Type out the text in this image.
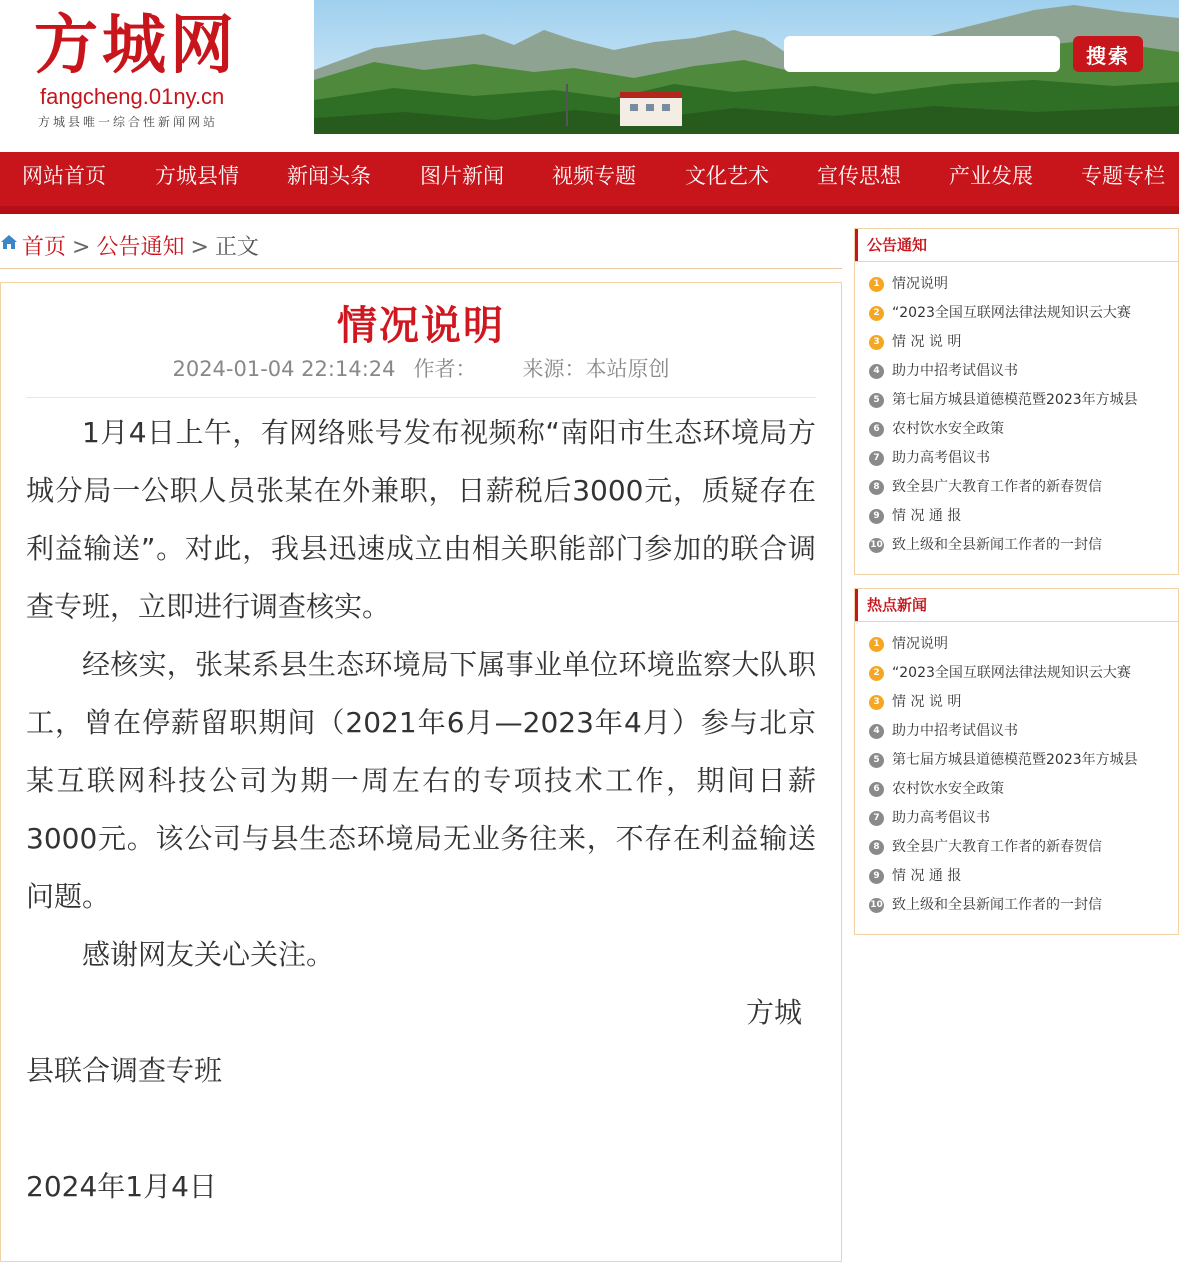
方城网
fangcheng.01ny.cn
方城县唯一综合性新闻网站
搜索
网站首页 方城县情 新闻头条 图片新闻 视频专题 文化艺术 宣传思想 产业发展 专题专栏
首页 > 公告通知 > 正文
情况说明
2024-01-04 22:14:24 作者： 来源：本站原创

1月4日上午，有网络账号发布视频称“南阳市生态环境局方城分局一公职人员张某在外兼职，日薪税后3000元，质疑存在利益输送”。对此，我县迅速成立由相关职能部门参加的联合调查专班，立即进行调查核实。

经核实，张某系县生态环境局下属事业单位环境监察大队职工，曾在停薪留职期间（2021年6月—2023年4月）参与北京某互联网科技公司为期一周左右的专项技术工作，期间日薪3000元。该公司与县生态环境局无业务往来，不存在利益输送问题。

感谢网友关心关注。

方城

县联合调查专班

2024年1月4日

公告通知
1 情况说明
2 “2023全国互联网法律法规知识云大赛
3 情 况 说 明
4 助力中招考试倡议书
5 第七届方城县道德模范暨2023年方城县
6 农村饮水安全政策
7 助力高考倡议书
8 致全县广大教育工作者的新春贺信
9 情 况 通 报
10 致上级和全县新闻工作者的一封信
热点新闻
1 情况说明
2 “2023全国互联网法律法规知识云大赛
3 情 况 说 明
4 助力中招考试倡议书
5 第七届方城县道德模范暨2023年方城县
6 农村饮水安全政策
7 助力高考倡议书
8 致全县广大教育工作者的新春贺信
9 情 况 通 报
10 致上级和全县新闻工作者的一封信
